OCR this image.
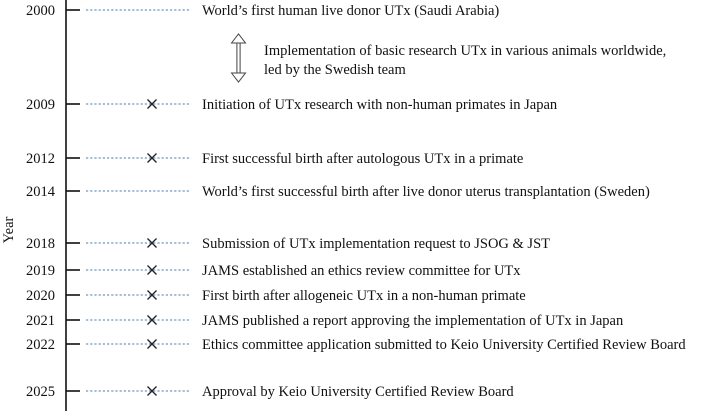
Year
Implementation of basic research UTx in various animals worldwide,
led by the Swedish team
2000	World’s first human live donor UTx (Saudi Arabia)
2009	Initiation of UTx research with non-human primates in Japan
2012	First successful birth after autologous UTx in a primate
2014	World’s first successful birth after live donor uterus transplantation (Sweden)
2018	Submission of UTx implementation request to JSOG & JST
2019	JAMS established an ethics review committee for UTx
2020	First birth after allogeneic UTx in a non-human primate
2021	JAMS published a report approving the implementation of UTx in Japan
2022	Ethics committee application submitted to Keio University Certified Review Board
2025	Approval by Keio University Certified Review Board
